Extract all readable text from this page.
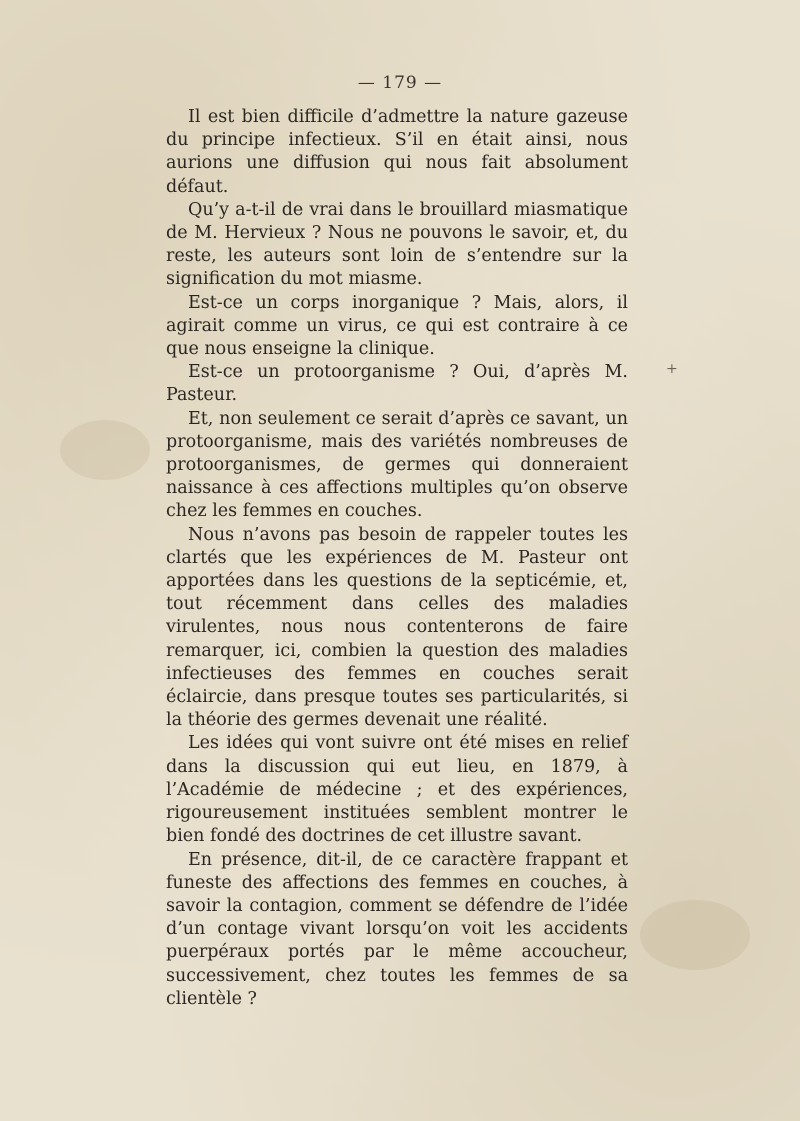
— 179 —
+

Il est bien difficile d’admettre la nature gazeuse du principe infectieux. S’il en était ainsi, nous aurions une diffusion qui nous fait absolument défaut.

Qu’y a-t-il de vrai dans le brouillard miasmatique de M. Hervieux ? Nous ne pouvons le savoir, et, du reste, les auteurs sont loin de s’entendre sur la signification du mot miasme.

Est-ce un corps inorganique ? Mais, alors, il agirait comme un virus, ce qui est contraire à ce que nous enseigne la clinique.

Est-ce un protoorganisme ? Oui, d’après M. Pasteur.

Et, non seulement ce serait d’après ce savant, un protoorganisme, mais des variétés nombreuses de protoorganismes, de germes qui donneraient naissance à ces affections multiples qu’on observe chez les femmes en couches.

Nous n’avons pas besoin de rappeler toutes les clartés que les expériences de M. Pasteur ont apportées dans les questions de la septicémie, et, tout récemment dans celles des maladies virulentes, nous nous contenterons de faire remarquer, ici, combien la question des maladies infectieuses des femmes en couches serait éclaircie, dans presque toutes ses particularités, si la théorie des germes devenait une réalité.

Les idées qui vont suivre ont été mises en relief dans la discussion qui eut lieu, en 1879, à l’Académie de médecine ; et des expériences, rigoureusement instituées semblent montrer le bien fondé des doctrines de cet illustre savant.

En présence, dit-il, de ce caractère frappant et funeste des affections des femmes en couches, à savoir la contagion, comment se défendre de l’idée d’un contage vivant lorsqu’on voit les accidents puerpéraux portés par le même accoucheur, successivement, chez toutes les femmes de sa clientèle ?
